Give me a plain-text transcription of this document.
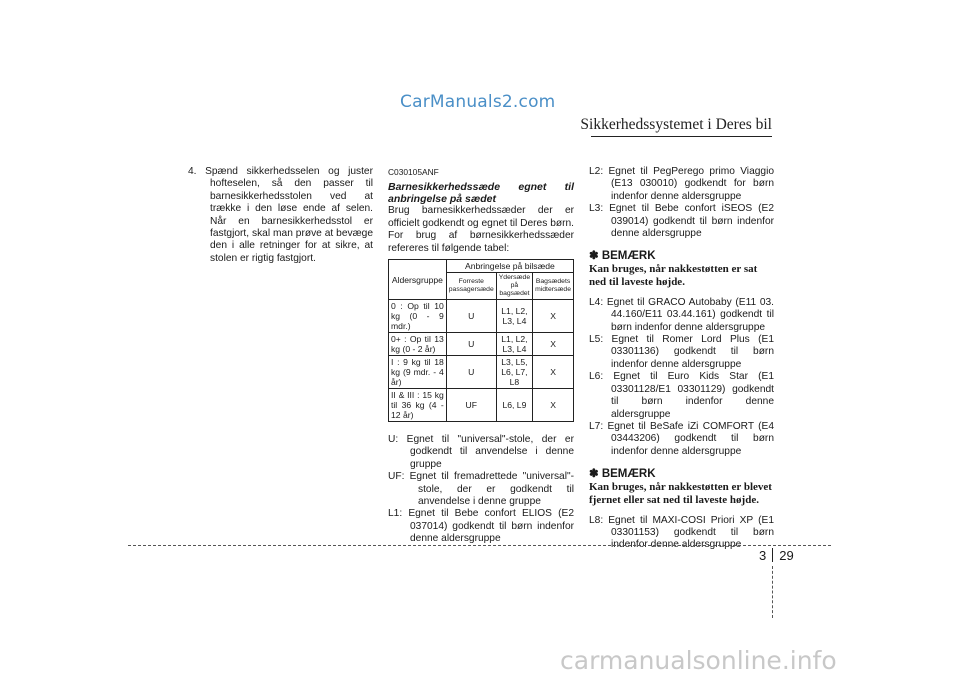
CarManuals2.com
Sikkerhedssystemet i Deres bil

4. Spænd sikkerhedsselen og juster hofteselen, så den passer til barnesikkerhedsstolen ved at trække i den løse ende af selen. Når en barnesikkerhedsstol er fastgjort, skal man prøve at bevæge den i alle retninger for at sikre, at stolen er rigtig fastgjort.

C030105ANF

Barnesikkerhedssæde egnet til anbringelse på sædet

Brug barnesikkerhedssæder der er officielt godkendt og egnet til Deres børn. For brug af børnesikkerhedssæder refereres til følgende tabel:

Aldersgruppe	Anbringelse på bilsæde		
	Forreste passagersæde	Ydersæde på bagsædet	Bagsædets midtersæde
0 : Op til 10 kg (0 - 9 mdr.)	U	L1, L2, L3, L4	X
0+ : Op til 13 kg (0 - 2 år)	U	L1, L2, L3, L4	X
I : 9 kg til 18 kg (9 mdr. - 4 år)	U	L3, L5, L6, L7, L8	X
II & III : 15 kg til 36 kg (4 - 12 år)	UF	L6, L9	X

U: Egnet til "universal"-stole, der er godkendt til anvendelse i denne gruppe

UF: Egnet til fremadrettede "universal"-stole, der er godkendt til anvendelse i denne gruppe

L1: Egnet til Bebe confort ELIOS (E2 037014) godkendt til børn indenfor denne aldersgruppe

L2: Egnet til PegPerego primo Viaggio (E13 030010) godkendt for børn indenfor denne aldersgruppe

L3: Egnet til Bebe confort iSEOS (E2 039014) godkendt til børn indenfor denne aldersgruppe

✽ BEMÆRK

Kan bruges, når nakkestøtten er sat ned til laveste højde.

L4: Egnet til GRACO Autobaby (E11 03. 44.160/E11 03.44.161) godkendt til børn indenfor denne aldersgruppe

L5: Egnet til Romer Lord Plus (E1 03301136) godkendt til børn indenfor denne aldersgruppe

L6: Egnet til Euro Kids Star (E1 03301128/E1 03301129) godkendt til børn indenfor denne aldersgruppe

L7: Egnet til BeSafe iZi COMFORT (E4 03443206) godkendt til børn indenfor denne aldersgruppe

✽ BEMÆRK

Kan bruges, når nakkestøtten er blevet fjernet eller sat ned til laveste højde.

L8: Egnet til MAXI-COSI Priori XP (E1 03301153) godkendt til børn indenfor denne aldersgruppe

3 29
carmanualsonline.info
